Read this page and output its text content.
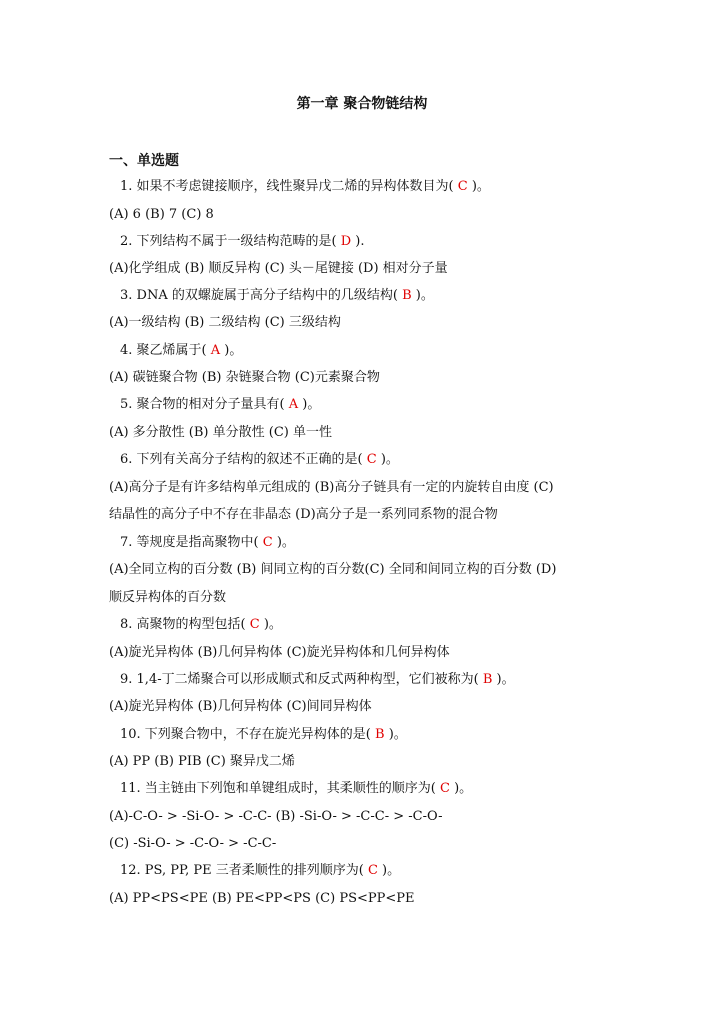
第一章 聚合物链结构
一、单选题
1. 如果不考虑键接顺序，线性聚异戊二烯的异构体数目为( C )。
(A) 6 (B) 7 (C) 8
2. 下列结构不属于一级结构范畴的是( D ).
(A)化学组成 (B) 顺反异构 (C) 头－尾键接 (D) 相对分子量
3. DNA 的双螺旋属于高分子结构中的几级结构( B )。
(A)一级结构 (B) 二级结构 (C) 三级结构
4. 聚乙烯属于( A )。
(A) 碳链聚合物 (B) 杂链聚合物 (C)元素聚合物
5. 聚合物的相对分子量具有( A )。
(A) 多分散性 (B) 单分散性 (C) 单一性
6. 下列有关高分子结构的叙述不正确的是( C )。
(A)高分子是有许多结构单元组成的 (B)高分子链具有一定的内旋转自由度 (C)
结晶性的高分子中不存在非晶态 (D)高分子是一系列同系物的混合物
7. 等规度是指高聚物中( C )。
(A)全同立构的百分数 (B) 间同立构的百分数(C) 全同和间同立构的百分数 (D)
顺反异构体的百分数
8. 高聚物的构型包括( C )。
(A)旋光异构体 (B)几何异构体 (C)旋光异构体和几何异构体
9. 1,4-丁二烯聚合可以形成顺式和反式两种构型，它们被称为( B )。
(A)旋光异构体 (B)几何异构体 (C)间同异构体
10. 下列聚合物中，不存在旋光异构体的是( B )。
(A) PP (B) PIB (C) 聚异戊二烯
11. 当主链由下列饱和单键组成时，其柔顺性的顺序为( C )。
(A)-C-O- > -Si-O- > -C-C- (B) -Si-O- > -C-C- > -C-O-
(C) -Si-O- > -C-O- > -C-C-
12. PS, PP, PE 三者柔顺性的排列顺序为( C )。
(A) PP<PS<PE (B) PE<PP<PS (C) PS<PP<PE
